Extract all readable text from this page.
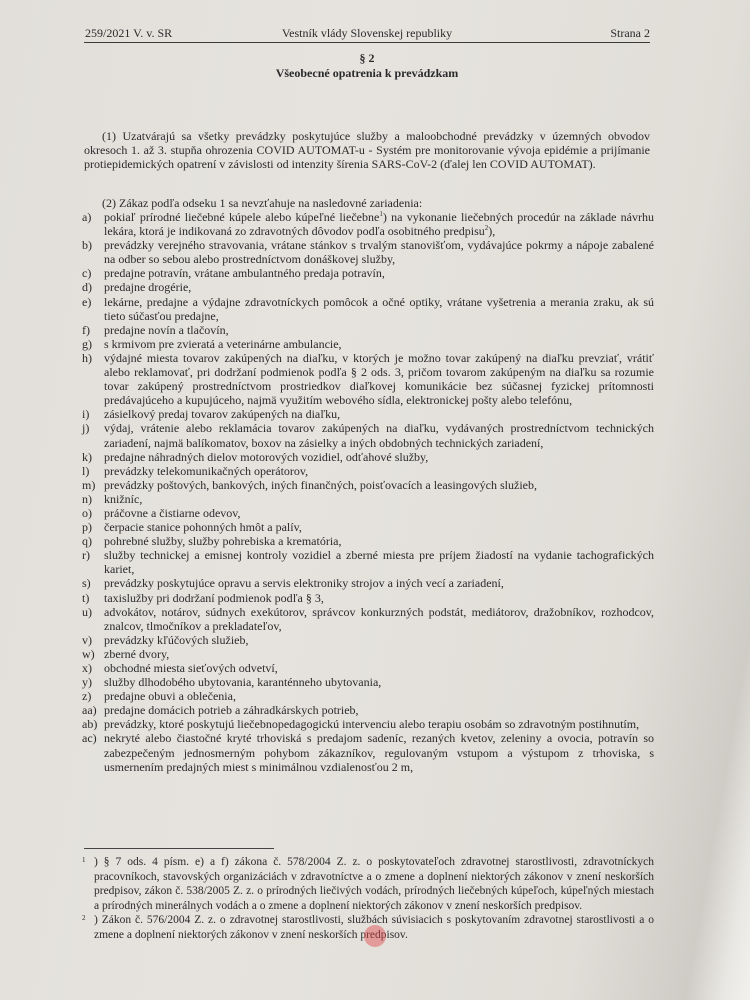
259/2021 V. v. SR	Vestník vlády Slovenskej republiky	Strana 2
§ 2
Všeobecné opatrenia k prevádzkam
(1) Uzatvárajú sa všetky prevádzky poskytujúce služby a maloobchodné prevádzky v územných obvodov okresoch 1. až 3. stupňa ohrozenia COVID AUTOMAT-u - Systém pre monitorovanie vývoja epidémie a prijímanie protiepidemických opatrení v závislosti od intenzity šírenia SARS-CoV-2 (ďalej len COVID AUTOMAT).
(2) Zákaz podľa odseku 1 sa nevzťahuje na nasledovné zariadenia:
a)	pokiaľ prírodné liečebné kúpele alebo kúpeľné liečebne$^1$) na vykonanie liečebných procedúr na základe návrhu lekára, ktorá je indikovaná zo zdravotných dôvodov podľa osobitného predpisu$^2$),
b)	prevádzky verejného stravovania, vrátane stánkov s trvalým stanovišťom, vydávajúce pokrmy a nápoje zabalené na odber so sebou alebo prostredníctvom donáškovej služby,
c)	predajne potravín, vrátane ambulantného predaja potravín,
d)	predajne drogérie,
e)	lekárne, predajne a výdajne zdravotníckych pomôcok a očné optiky, vrátane vyšetrenia a merania zraku, ak sú tieto súčasťou predajne,
f)	predajne novín a tlačovín,
g)	s krmivom pre zvieratá a veterinárne ambulancie,
h)	výdajné miesta tovarov zakúpených na diaľku, v ktorých je možno tovar zakúpený na diaľku prevziať, vrátiť alebo reklamovať, pri dodržaní podmienok podľa § 2 ods. 3, pričom tovarom zakúpeným na diaľku sa rozumie tovar zakúpený prostredníctvom prostriedkov diaľkovej komunikácie bez súčasnej fyzickej prítomnosti predávajúceho a kupujúceho, najmä využitím webového sídla, elektronickej pošty alebo telefónu,
i)	zásielkový predaj tovarov zakúpených na diaľku,
j)	výdaj, vrátenie alebo reklamácia tovarov zakúpených na diaľku, vydávaných prostredníctvom technických zariadení, najmä balíkomatov, boxov na zásielky a iných obdobných technických zariadení,
k)	predajne náhradných dielov motorových vozidiel, odťahové služby,
l)	prevádzky telekomunikačných operátorov,
m) prevádzky poštových, bankových, iných finančných, poisťovacích a leasingových služieb,
n)	knižníc,
o)	práčovne a čistiarne odevov,
p)	čerpacie stanice pohonných hmôt a palív,
q)	pohrebné služby, služby pohrebiska a krematória,
r)	služby technickej a emisnej kontroly vozidiel a zberné miesta pre príjem žiadostí na vydanie tachografických kariet,
s)	prevádzky poskytujúce opravu a servis elektroniky strojov a iných vecí a zariadení,
t)	taxislužby pri dodržaní podmienok podľa § 3,
u)	advokátov, notárov, súdnych exekútorov, správcov konkurzných podstát, mediátorov, dražobníkov, rozhodcov, znalcov, tlmočníkov a prekladateľov,
v)	prevádzky kľúčových služieb,
w) zberné dvory,
x)	obchodné miesta sieťových odvetví,
y)	služby dlhodobého ubytovania, karanténneho ubytovania,
z)	predajne obuvi a oblečenia,
aa) predajne domácich potrieb a záhradkárskych potrieb,
ab) prevádzky, ktoré poskytujú liečebnopedagogickú intervenciu alebo terapiu osobám so zdravotným postihnutím,
ac) nekryté alebo čiastočné kryté trhoviská s predajom sadeníc, rezaných kvetov, zeleniny a ovocia, potravín so zabezpečeným jednosmerným pohybom zákazníkov, regulovaným vstupom a výstupom z trhoviska, s usmernením predajných miest s minimálnou vzdialenosťou 2 m,
1 ) § 7 ods. 4 písm. e) a f) zákona č. 578/2004 Z. z. o poskytovateľoch zdravotnej starostlivosti, zdravotníckych pracovníkoch, stavovských organizáciách v zdravotníctve a o zmene a doplnení niektorých zákonov v znení neskorších predpisov, zákon č. 538/2005 Z. z. o prírodných liečivých vodách, prírodných liečebných kúpeľoch, kúpeľných miestach a prírodných minerálnych vodách a o zmene a doplnení niektorých zákonov v znení neskorších predpisov.
2 ) Zákon č. 576/2004 Z. z. o zdravotnej starostlivosti, službách súvisiacich s poskytovaním zdravotnej starostlivosti a o zmene a doplnení niektorých zákonov v znení neskorších predpisov.
